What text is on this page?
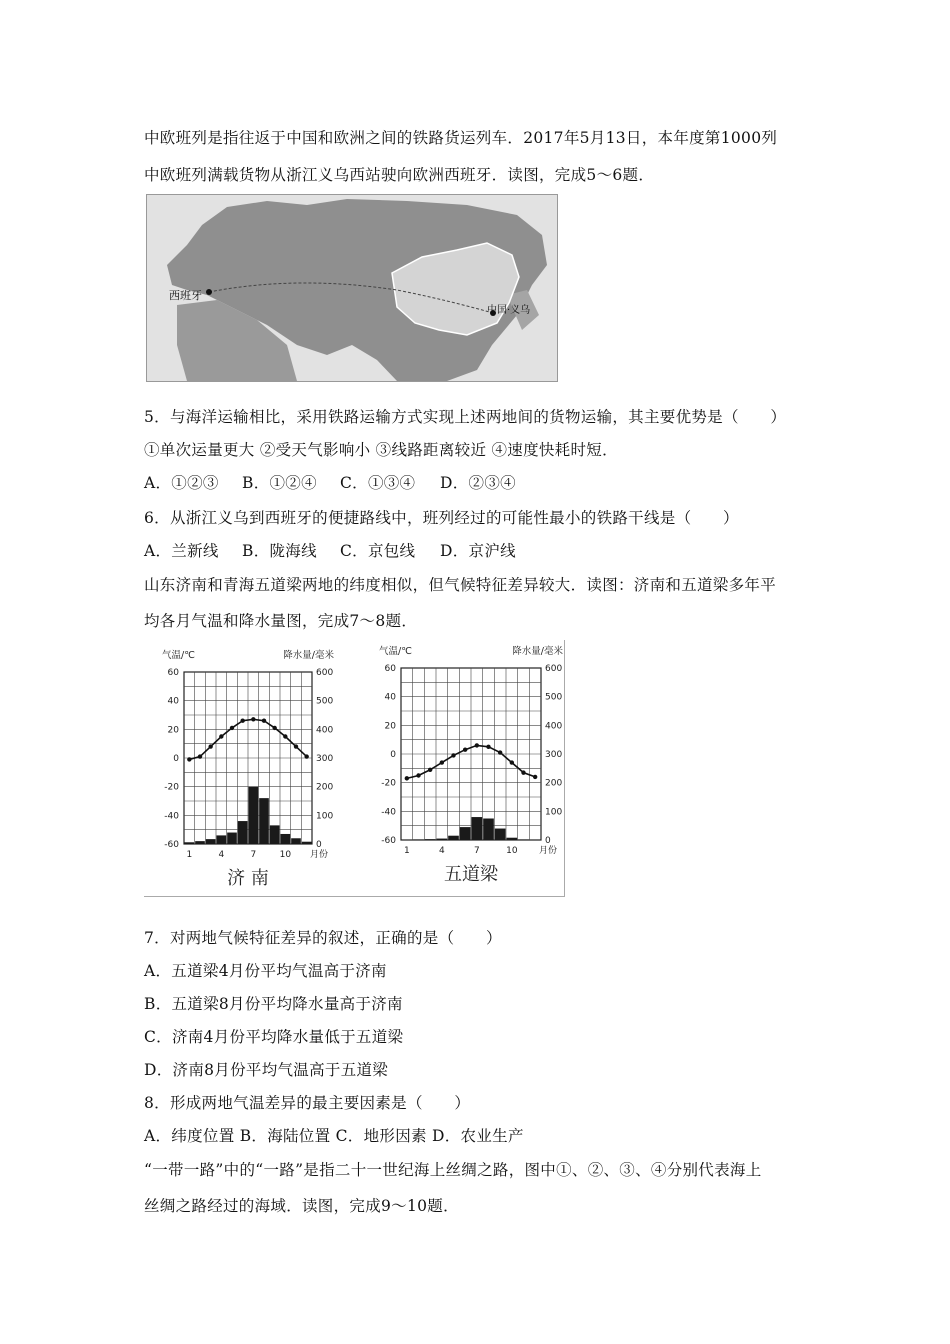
中欧班列是指往返于中国和欧洲之间的铁路货运列车．2017年5月13日，本年度第1000列
中欧班列满载货物从浙江义乌西站驶向欧洲西班牙．读图，完成5～6题．
西班牙
中国·义乌
5．与海洋运输相比，采用铁路运输方式实现上述两地间的货物运输，其主要优势是（　　）
①单次运量更大 ②受天气影响小 ③线路距离较近 ④速度快耗时短．
A．①②③ B．①②④ C．①③④ D．②③④
6．从浙江义乌到西班牙的便捷路线中，班列经过的可能性最小的铁路干线是（　　）
A．兰新线 B．陇海线 C．京包线 D．京沪线
山东济南和青海五道梁两地的纬度相似，但气候特征差异较大．读图：济南和五道梁多年平
均各月气温和降水量图，完成7～8题．
60
40
20
0
-20
-40
-60
600
500
400
300
200
100
0
1	4	7	10 月份
气温/℃	降水量/毫米
济 南
60
40
20
0
-20
-40
-60
600
500
400
300
200
100
0
1	4	7	10 月份
气温/℃	降水量/毫米
五道梁
7．对两地气候特征差异的叙述，正确的是（　　）
A．五道梁4月份平均气温高于济南
B．五道梁8月份平均降水量高于济南
C．济南4月份平均降水量低于五道梁
D．济南8月份平均气温高于五道梁
8．形成两地气温差异的最主要因素是（　　）
A．纬度位置 B．海陆位置 C．地形因素 D．农业生产
“一带一路”中的“一路”是指二十一世纪海上丝绸之路，图中①、②、③、④分别代表海上
丝绸之路经过的海域．读图，完成9～10题．
